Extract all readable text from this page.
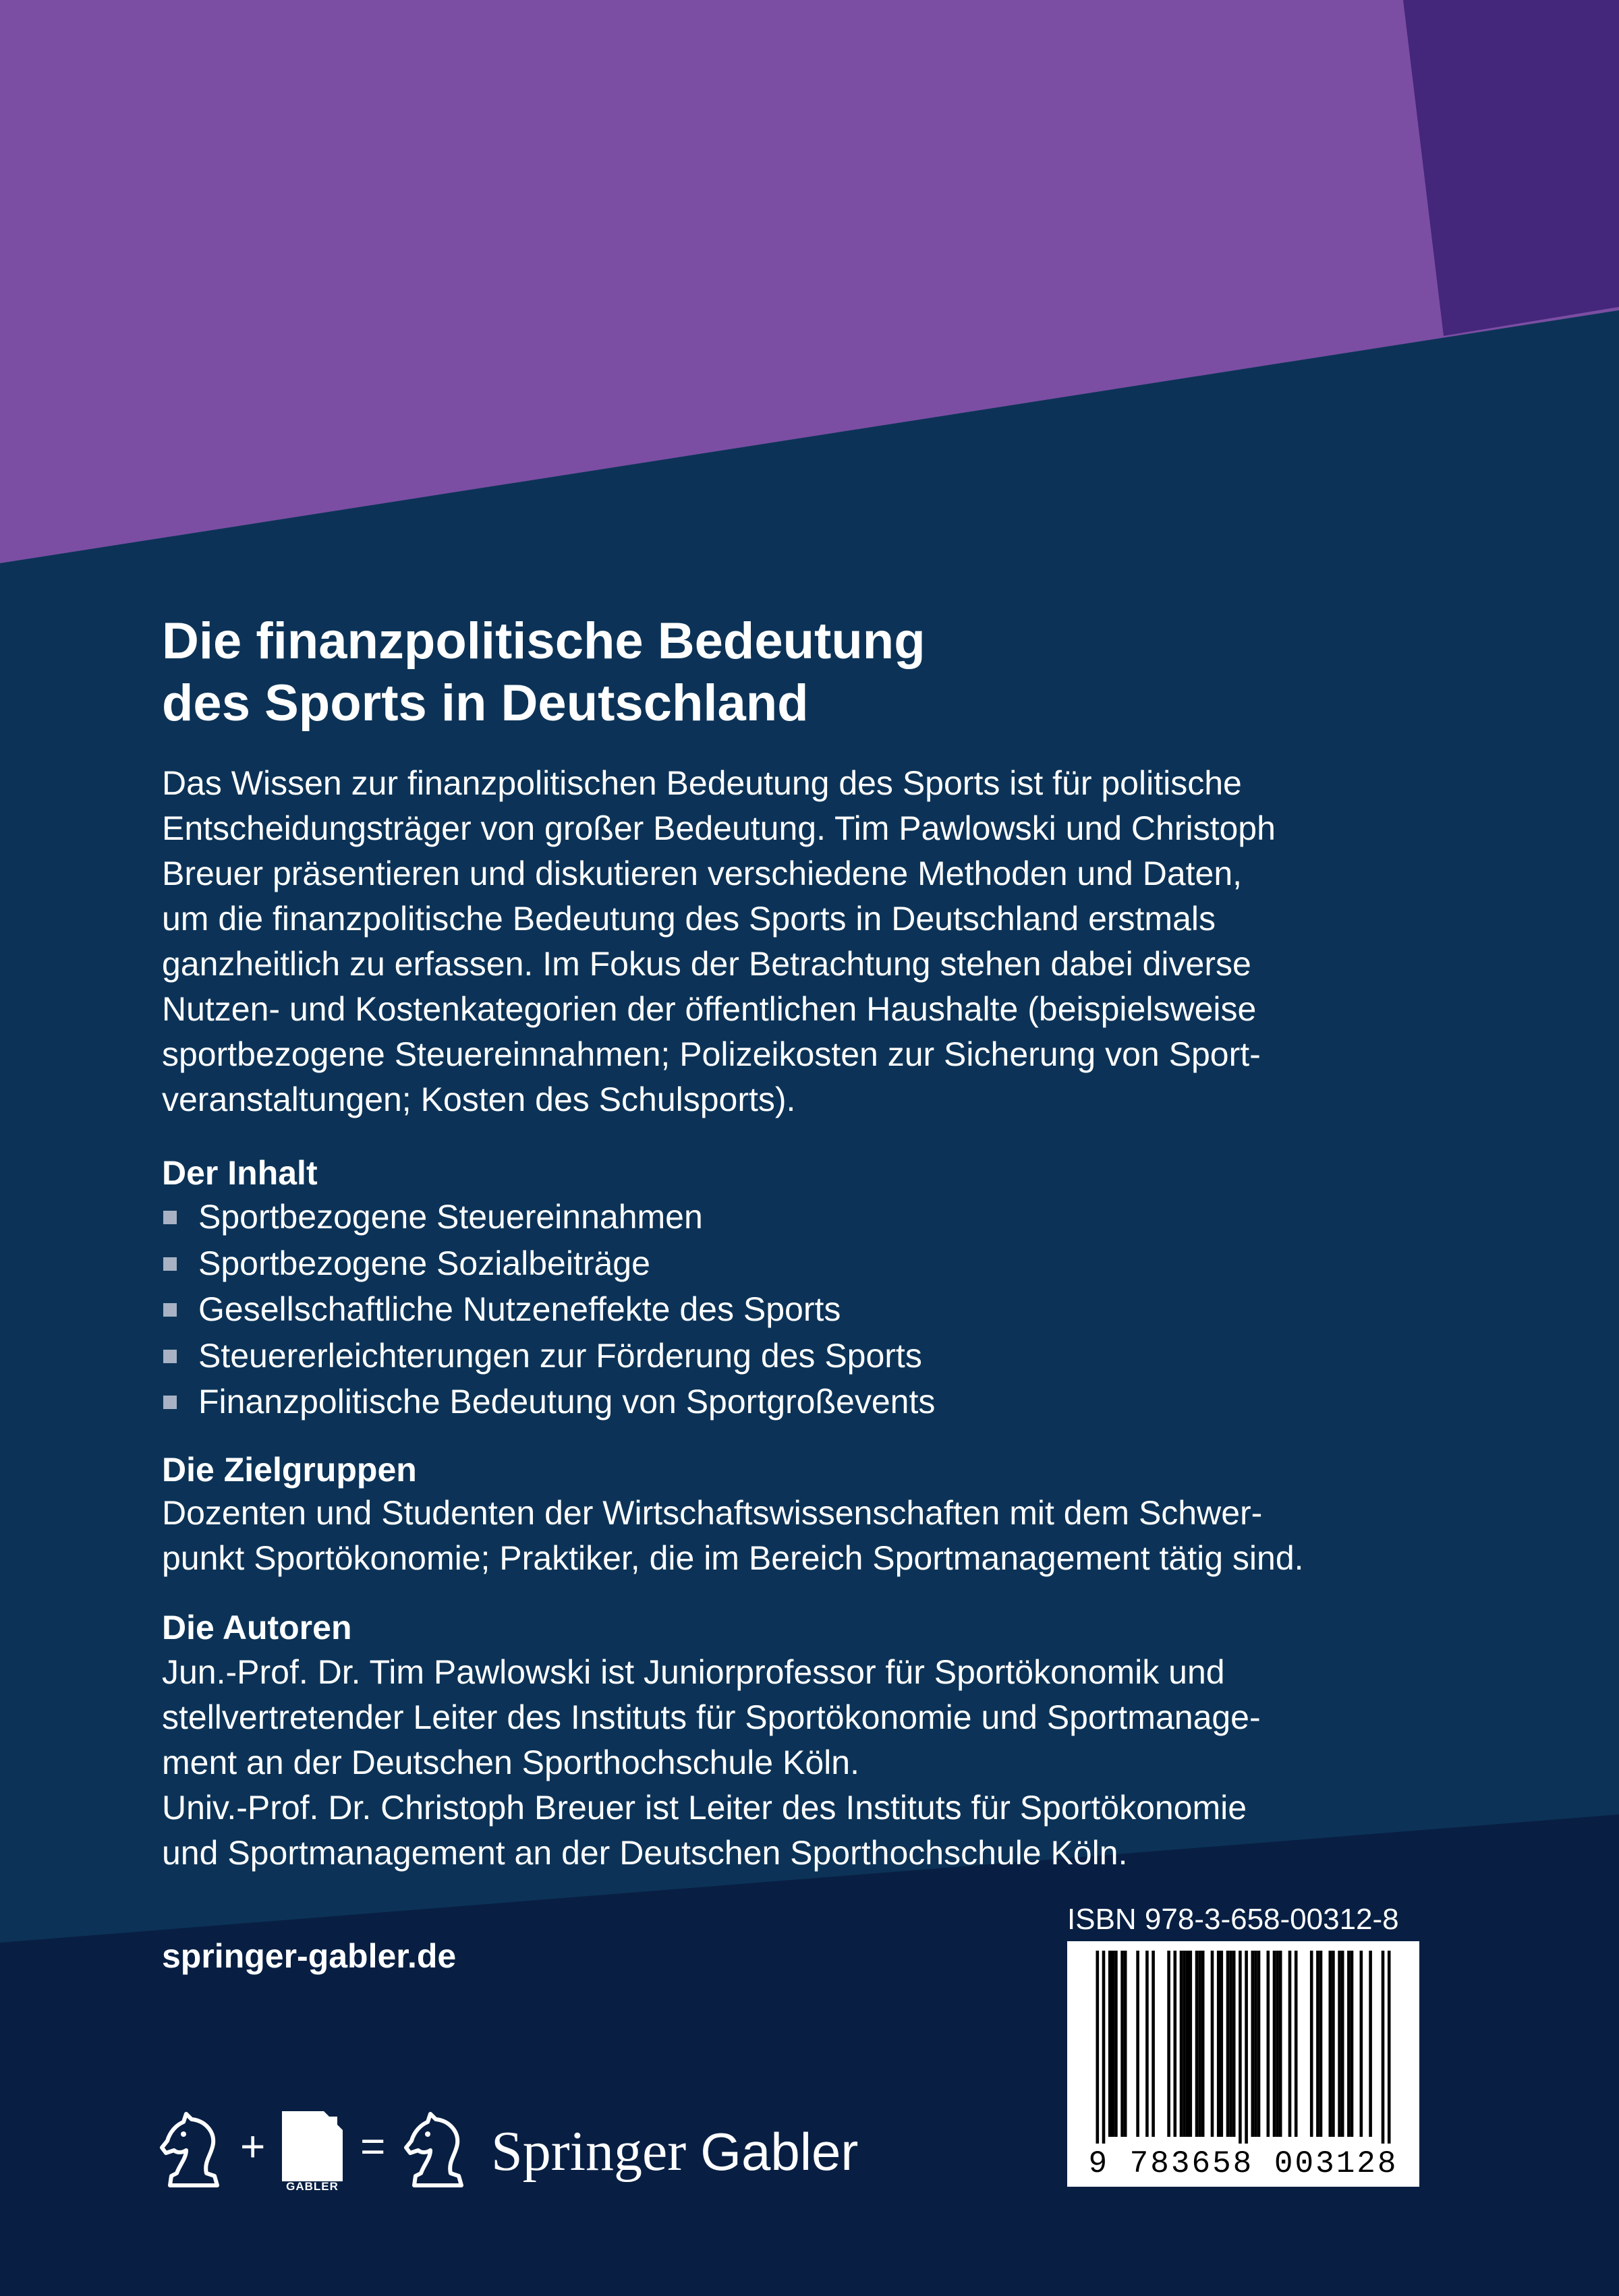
Die finanzpolitische Bedeutung
des Sports in Deutschland

Das Wissen zur finanzpolitischen Bedeutung des Sports ist für politische
Entscheidungsträger von großer Bedeutung. Tim Pawlowski und Christoph
Breuer präsentieren und diskutieren verschiedene Methoden und Daten,
um die finanzpolitische Bedeutung des Sports in Deutschland erstmals
ganzheitlich zu erfassen. Im Fokus der Betrachtung stehen dabei diverse
Nutzen- und Kostenkategorien der öffentlichen Haushalte (beispielsweise
sportbezogene Steuereinnahmen; Polizeikosten zur Sicherung von Sport-
veranstaltungen; Kosten des Schulsports).

Der Inhalt

Sportbezogene Steuereinnahmen
Sportbezogene Sozialbeiträge
Gesellschaftliche Nutzeneffekte des Sports
Steuererleichterungen zur Förderung des Sports
Finanzpolitische Bedeutung von Sportgroßevents

Die Zielgruppen

Dozenten und Studenten der Wirtschaftswissenschaften mit dem Schwer-
punkt Sportökonomie; Praktiker, die im Bereich Sportmanagement tätig sind.

Die Autoren

Jun.-Prof. Dr. Tim Pawlowski ist Juniorprofessor für Sportökonomik und
stellvertretender Leiter des Instituts für Sportökonomie und Sportmanage-
ment an der Deutschen Sporthochschule Köln.
Univ.-Prof. Dr. Christoph Breuer ist Leiter des Instituts für Sportökonomie
und Sportmanagement an der Deutschen Sporthochschule Köln.

ISBN 978-3-658-00312-8

9 783658 003128

springer-gabler.de

+
GABLER
= Springer Gabler
